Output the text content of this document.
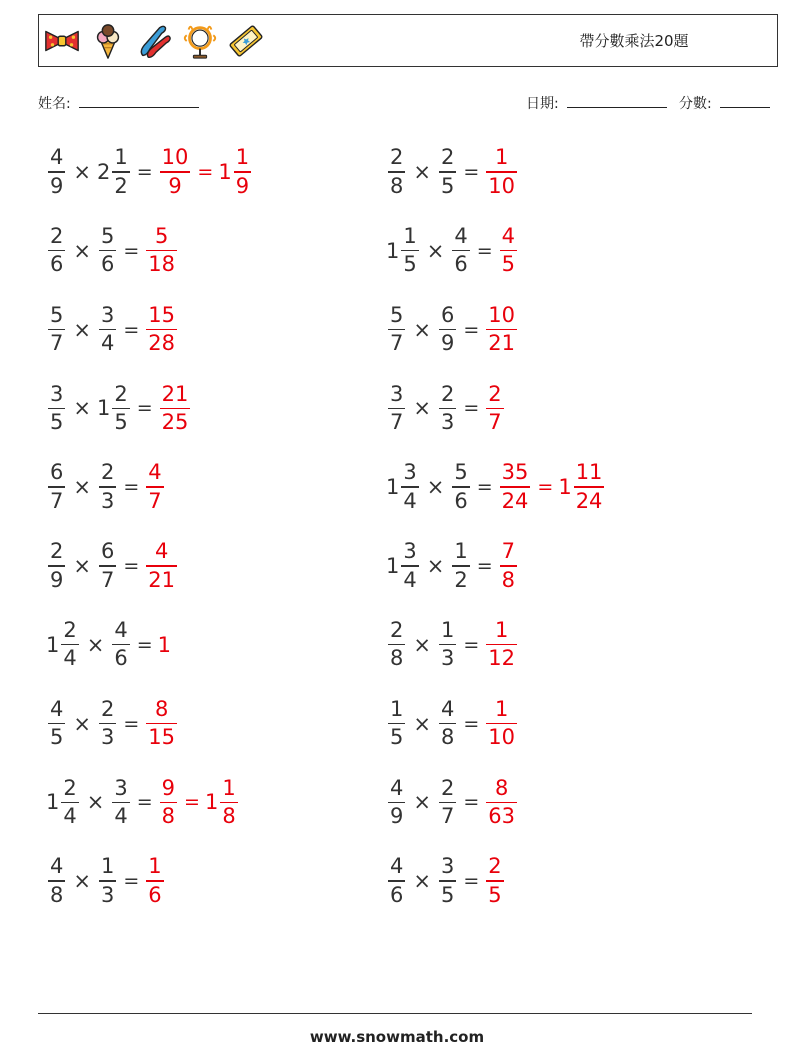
帶分數乘法20題
姓名:	日期:	分數:
$\frac{4}{9} \times 2 \frac{1}{2} = \frac{10}{9} = 1 \frac{1}{9}$	$\frac{2}{8} \times \frac{2}{5} = \frac{1}{10}$
$\frac{2}{6} \times \frac{5}{6} = \frac{5}{18}$	$1 \frac{1}{5} \times \frac{4}{6} = \frac{4}{5}$
$\frac{5}{7} \times \frac{3}{4} = \frac{15}{28}$	$\frac{5}{7} \times \frac{6}{9} = \frac{10}{21}$
$\frac{3}{5} \times 1 \frac{2}{5} = \frac{21}{25}$	$\frac{3}{7} \times \frac{2}{3} = \frac{2}{7}$
$\frac{6}{7} \times \frac{2}{3} = \frac{4}{7}$	$1 \frac{3}{4} \times \frac{5}{6} = \frac{35}{24} = 1 \frac{11}{24}$
$\frac{2}{9} \times \frac{6}{7} = \frac{4}{21}$	$1 \frac{3}{4} \times \frac{1}{2} = \frac{7}{8}$
$1 \frac{2}{4} \times \frac{4}{6} = 1$	$\frac{2}{8} \times \frac{1}{3} = \frac{1}{12}$
$\frac{4}{5} \times \frac{2}{3} = \frac{8}{15}$	$\frac{1}{5} \times \frac{4}{8} = \frac{1}{10}$
$1 \frac{2}{4} \times \frac{3}{4} = \frac{9}{8} = 1 \frac{1}{8}$	$\frac{4}{9} \times \frac{2}{7} = \frac{8}{63}$
$\frac{4}{8} \times \frac{1}{3} = \frac{1}{6}$	$\frac{4}{6} \times \frac{3}{5} = \frac{2}{5}$
www.snowmath.com
